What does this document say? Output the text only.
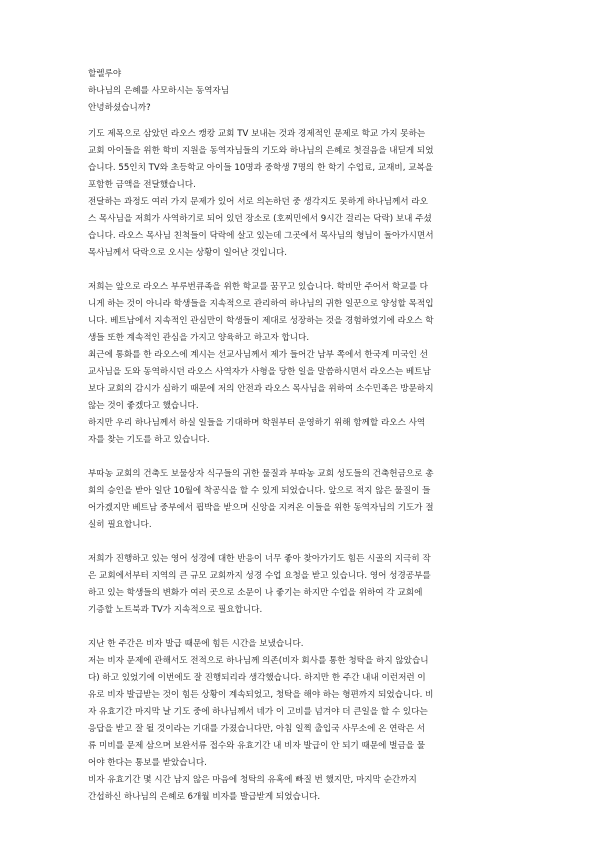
할렐루야
하나님의 은혜를 사모하시는 동역자님
안녕하셨습니까?
기도 제목으로 삼았던 라오스 캥캉 교회 TV 보내는 것과 경제적인 문제로 학교 가지 못하는
교회 아이들을 위한 학비 지원을 동역자님들의 기도와 하나님의 은혜로 첫걸음을 내딛게 되었
습니다. 55인치 TV와 초등학교 아이들 10명과 중학생 7명의 한 학기 수업료, 교재비, 교복을
포함한 금액을 전달했습니다.
전달하는 과정도 여러 가지 문제가 있어 서로 의논하던 중 생각지도 못하게 하나님께서 라오
스 목사님을 저희가 사역하기로 되어 있던 장소로 (호찌민에서 9시간 걸리는 닥락) 보내 주셨
습니다. 라오스 목사님 친척들이 닥락에 살고 있는데 그곳에서 목사님의 형님이 돌아가시면서
목사님께서 닥락으로 오시는 상황이 일어난 것입니다.
저희는 앞으로 라오스 부루번큐족을 위한 학교를 꿈꾸고 있습니다. 학비만 주어서 학교를 다
니게 하는 것이 아니라 학생들을 지속적으로 관리하여 하나님의 귀한 일꾼으로 양성할 목적입
니다. 베트남에서 지속적인 관심만이 학생들이 제대로 성장하는 것을 경험하였기에 라오스 학
생들 또한 계속적인 관심을 가지고 양육하고 하고자 합니다.
최근에 통화를 한 라오스에 계시는 선교사님께서 제가 들어간 남부 쪽에서 한국계 미국인 선
교사님을 도와 동역하시던 라오스 사역자가 사형을 당한 일을 말씀하시면서 라오스는 베트남
보다 교회의 감시가 심하기 때문에 저의 안전과 라오스 목사님을 위하여 소수민족은 방문하지
않는 것이 좋겠다고 했습니다.
하지만 우리 하나님께서 하실 일들을 기대하며 학원부터 운영하기 위해 함께할 라오스 사역
자를 찾는 기도를 하고 있습니다.
부따농 교회의 건축도 보물상자 식구들의 귀한 물질과 부따농 교회 성도들의 건축헌금으로 총
회의 승인을 받아 일단 10월에 착공식을 할 수 있게 되었습니다. 앞으로 적지 않은 물질이 들
어가겠지만 베트남 중부에서 핍박을 받으며 신앙을 지켜온 이들을 위한 동역자님의 기도가 절
실히 필요합니다.
저희가 진행하고 있는 영어 성경에 대한 반응이 너무 좋아 찾아가기도 힘든 시골의 지극히 작
은 교회에서부터 지역의 큰 규모 교회까지 성경 수업 요청을 받고 있습니다. 영어 성경공부를
하고 있는 학생들의 변화가 여러 곳으로 소문이 나 좋기는 하지만 수업을 위하여 각 교회에
기증할 노트북과 TV가 지속적으로 필요합니다.
지난 한 주간은 비자 발급 때문에 힘든 시간을 보냈습니다.
저는 비자 문제에 관해서도 전적으로 하나님께 의존(비자 회사를 통한 청탁을 하지 않았습니
다) 하고 있었기에 이번에도 잘 진행되리라 생각했습니다. 하지만 한 주간 내내 이런저런 이
유로 비자 발급받는 것이 힘든 상황이 계속되었고, 청탁을 해야 하는 형편까지 되었습니다. 비
자 유효기간 마지막 날 기도 중에 하나님께서 네가 이 고비를 넘겨야 더 큰일을 할 수 있다는
응답을 받고 잘 될 것이라는 기대를 가졌습니다만, 아침 일찍 출입국 사무소에 온 연락은 서
류 미비를 문제 삼으며 보완서류 접수와 유효기간 내 비자 발급이 안 되기 때문에 벌금을 물
어야 한다는 통보를 받았습니다.
비자 유효기간 몇 시간 남지 않은 마음에 청탁의 유혹에 빠질 번 했지만, 마지막 순간까지
간섭하신 하나님의 은혜로 6개월 비자를 발급받게 되었습니다.
